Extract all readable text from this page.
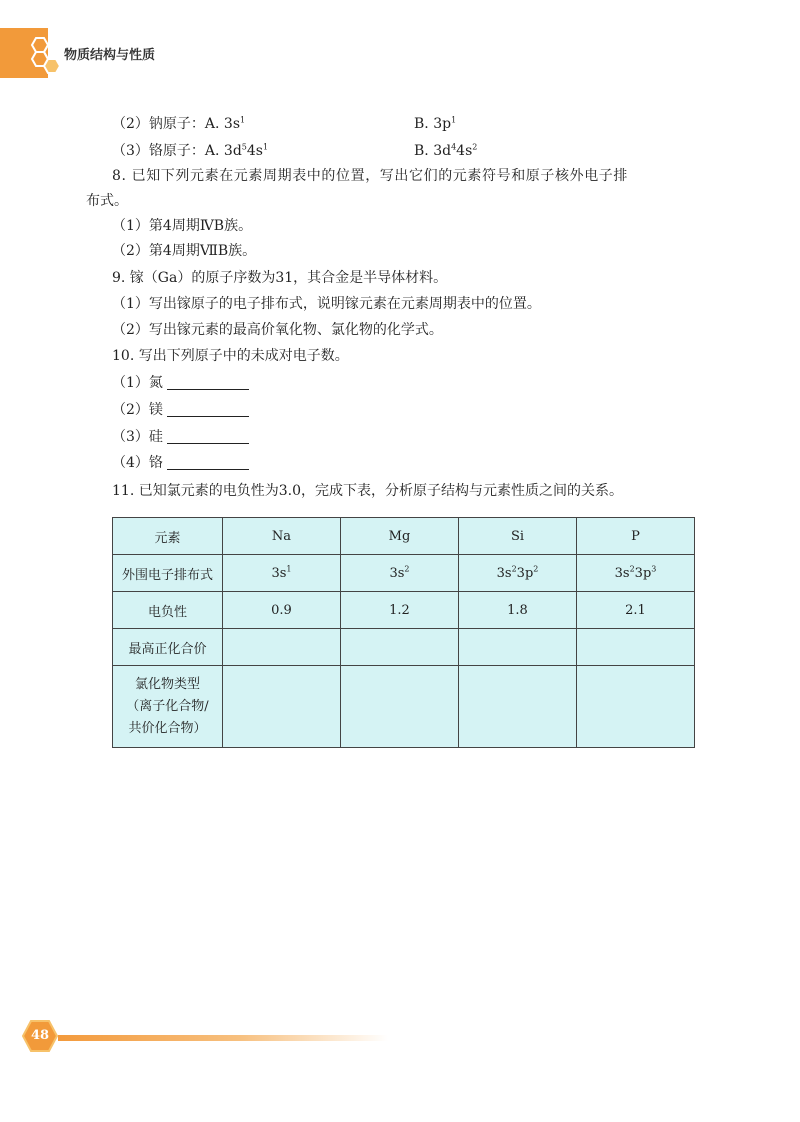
物质结构与性质
（2）钠原子：A. $3s^1$	B. $3p^1$
（3）铬原子：A. $3d^54s^1$	B. $3d^44s^2$
8. 已知下列元素在元素周期表中的位置，写出它们的元素符号和原子核外电子排
布式。
（1）第4周期ⅣB族。
（2）第4周期ⅦB族。
9. 镓（Ga）的原子序数为31，其合金是半导体材料。
（1）写出镓原子的电子排布式，说明镓元素在元素周期表中的位置。
（2）写出镓元素的最高价氧化物、氯化物的化学式。
10. 写出下列原子中的未成对电子数。
（1）氮
（2）镁
（3）硅
（4）铬
11. 已知氯元素的电负性为3.0，完成下表，分析原子结构与元素性质之间的关系。
元素	Na	Mg	Si	P
外围电子排布式	$3s^1$	$3s^2$	$3s^23p^2$	$3s^23p^3$
电负性	0.9	1.2	1.8	2.1
最高正化合价				

氯化物类型
（离子化合物/
共价化合物）				

48
